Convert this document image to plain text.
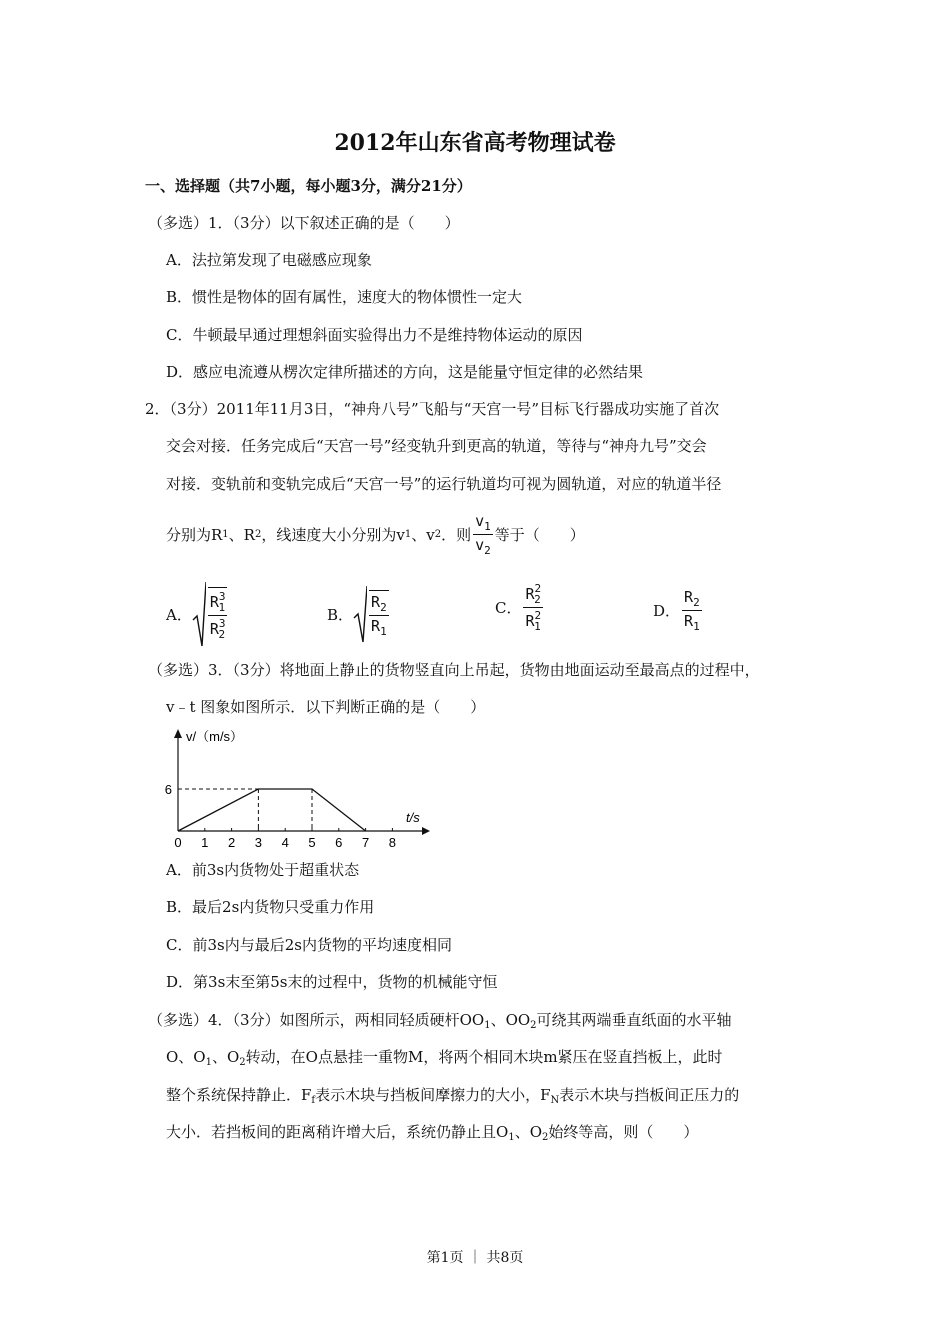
2012年山东省高考物理试卷
一、选择题（共7小题，每小题3分，满分21分）
（多选）1．（3分）以下叙述正确的是（　　）
A．法拉第发现了电磁感应现象
B．惯性是物体的固有属性，速度大的物体惯性一定大
C．牛顿最早通过理想斜面实验得出力不是维持物体运动的原因
D．感应电流遵从楞次定律所描述的方向，这是能量守恒定律的必然结果
2．（3分）2011年11月3日，“神舟八号”飞船与“天宫一号”目标飞行器成功实施了首次
交会对接．任务完成后“天宫一号”经变轨升到更高的轨道，等待与“神舟九号”交会
对接．变轨前和变轨完成后“天宫一号”的运行轨道均可视为圆轨道，对应的轨道半径
分别为R 1 、R 2 ，线速度大小分别为v 1 、v 2 ．则 $\frac{v_1}{v_2}$ 等于（　　）
A． $\frac{R^3_1}{R^3_2}$	B． $\frac{R_2}{R_1}$	C． $\frac{R^2_2}{R^2_1}$	D． $\frac{R_2}{R_1}$
（多选）3．（3分）将地面上静止的货物竖直向上吊起，货物由地面运动至最高点的过程中，
v﹣t 图象如图所示．以下判断正确的是（　　）
v/（m/s）
t/s
0 1 2 3 4 5 6 7 8
6
A．前3s内货物处于超重状态
B．最后2s内货物只受重力作用
C．前3s内与最后2s内货物的平均速度相同
D．第3s末至第5s末的过程中，货物的机械能守恒
（多选）4．（3分）如图所示，两相同轻质硬杆$OO_1$、$OO_2$可绕其两端垂直纸面的水平轴
O、$O_1$、$O_2$转动，在O点悬挂一重物M，将两个相同木块m紧压在竖直挡板上，此时
整个系统保持静止．$F_f$表示木块与挡板间摩擦力的大小，$F_N$表示木块与挡板间正压力的
大小．若挡板间的距离稍许增大后，系统仍静止且$O_1$、$O_2$始终等高，则（　　）
第1页 ｜ 共8页
